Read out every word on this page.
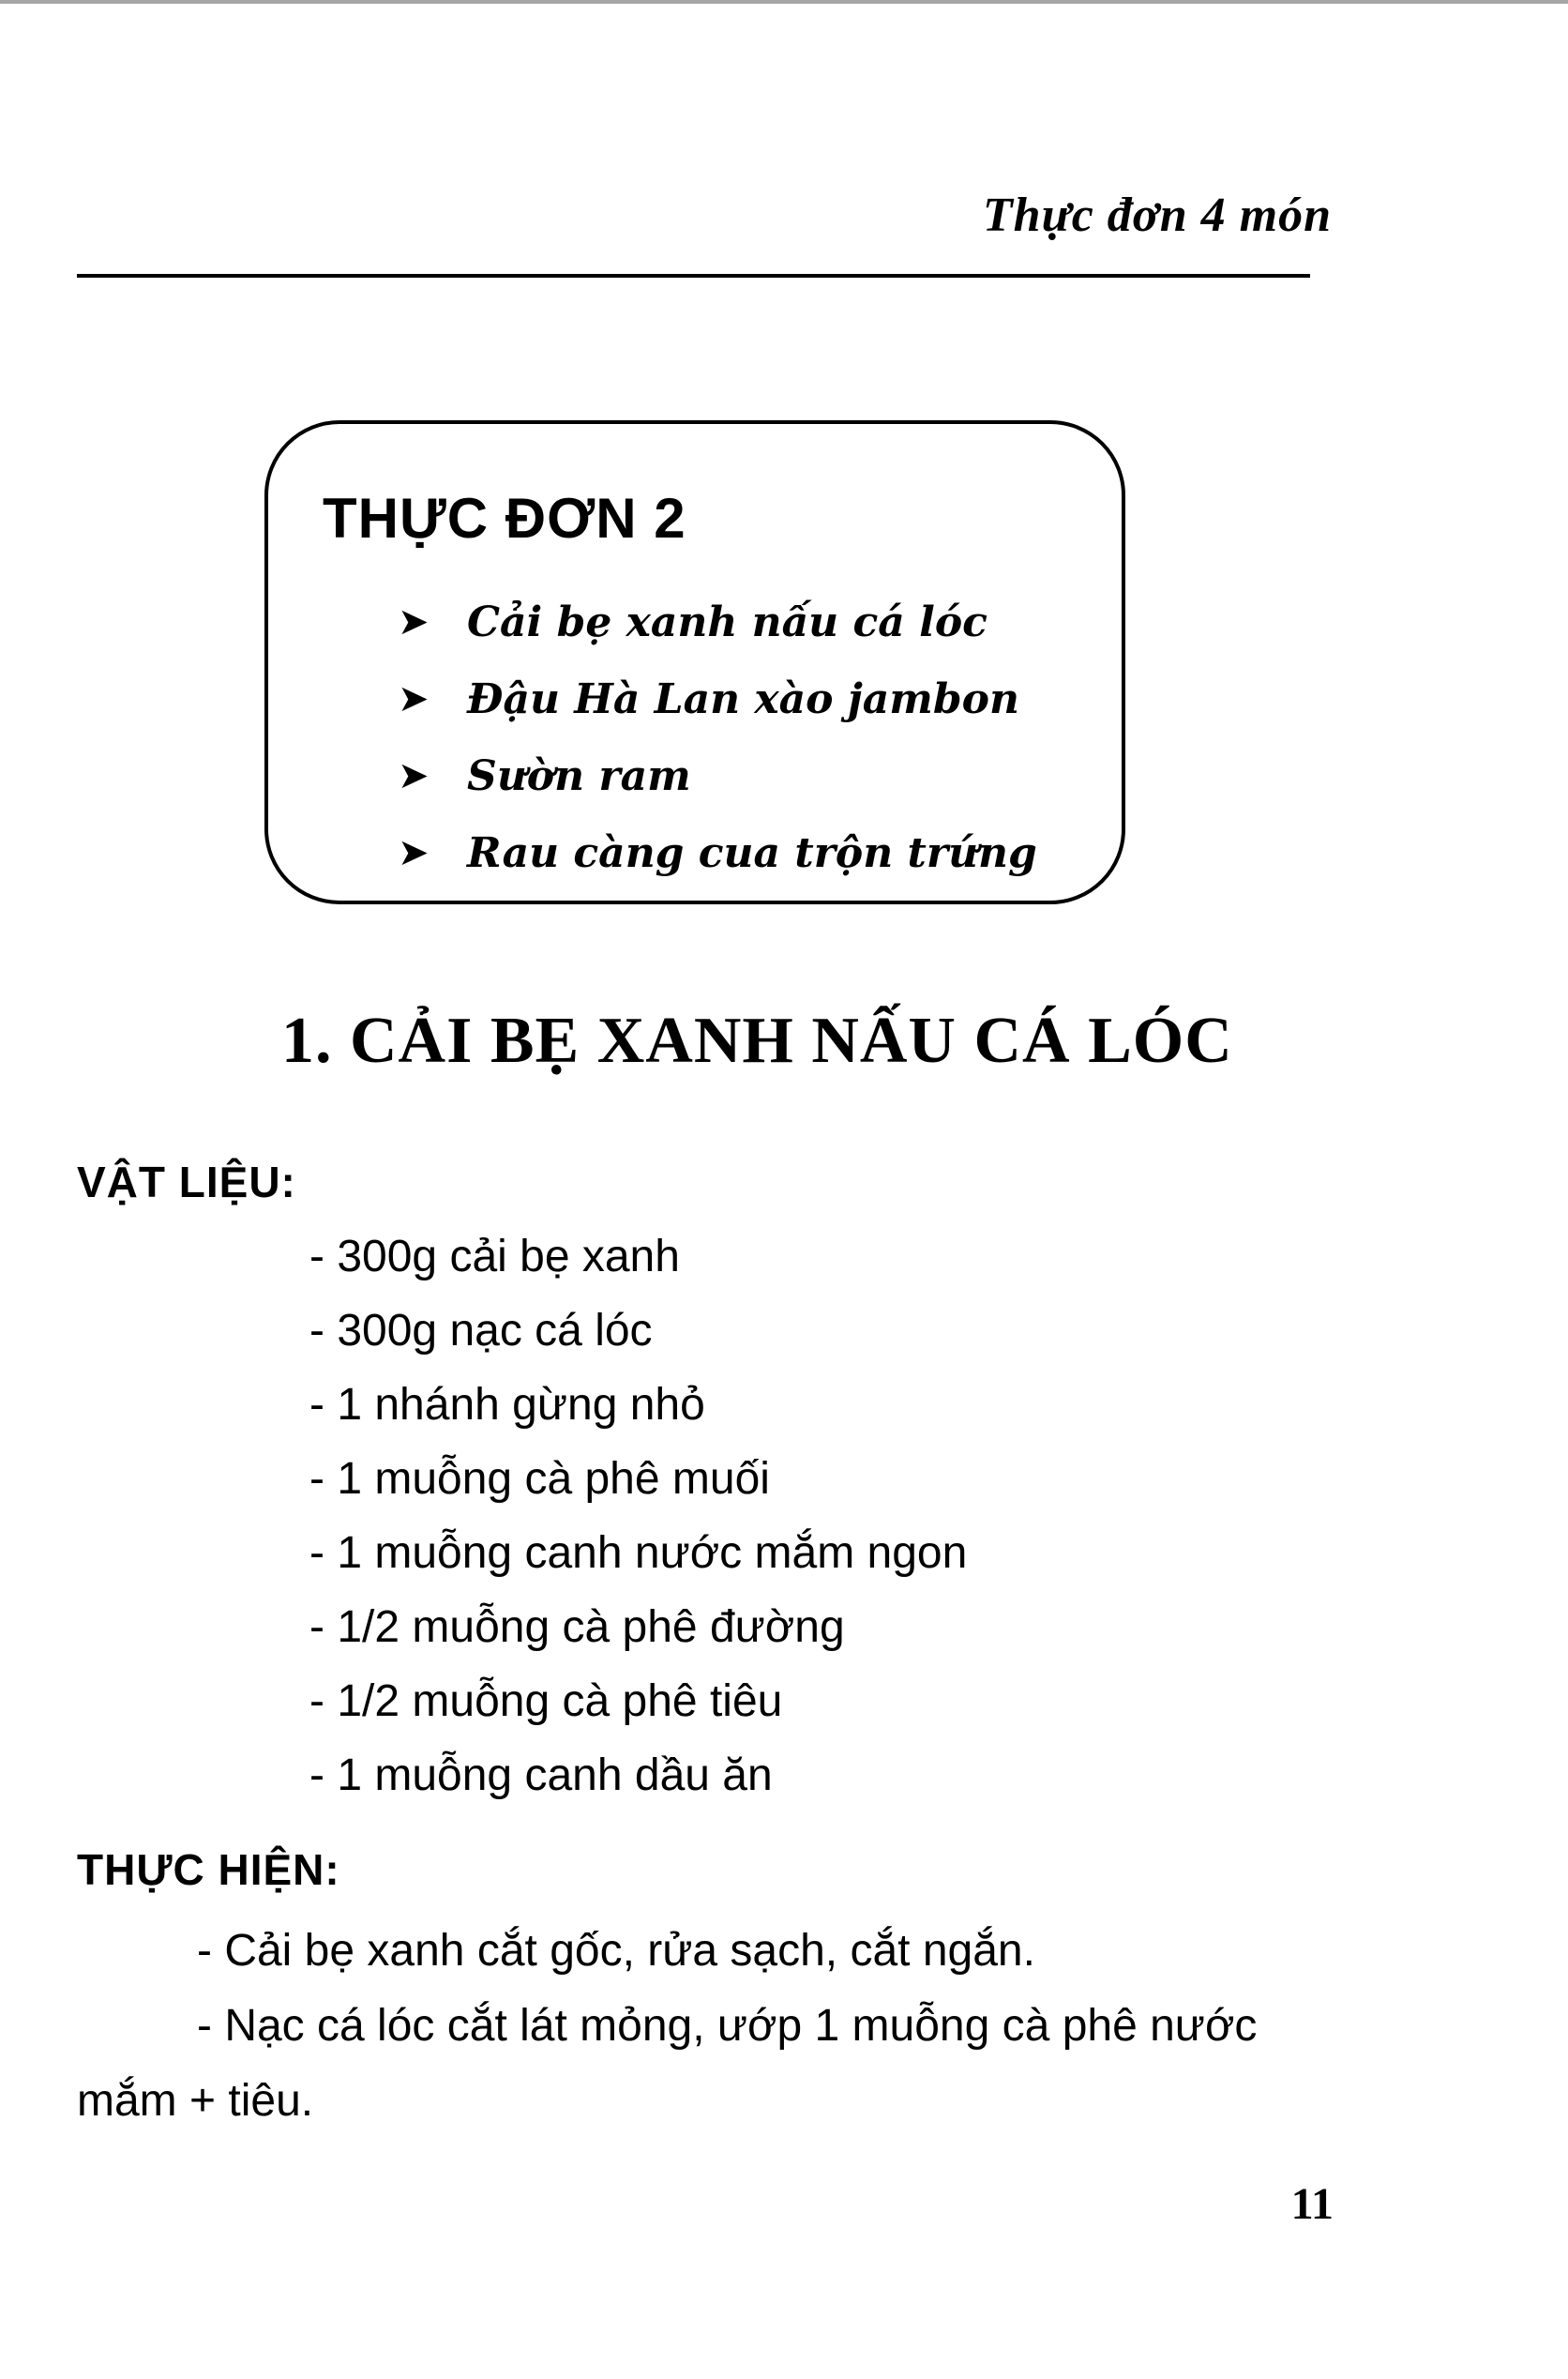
Thực đơn 4 món
THỰC ĐƠN 2
➤ Cải bẹ xanh nấu cá lóc
➤ Đậu Hà Lan xào jambon
➤ Sườn ram
➤ Rau càng cua trộn trứng
1. CẢI BẸ XANH NẤU CÁ LÓC
VẬT LIỆU:
- 300g cải bẹ xanh
- 300g nạc cá lóc
- 1 nhánh gừng nhỏ
- 1 muỗng cà phê muối
- 1 muỗng canh nước mắm ngon
- 1/2 muỗng cà phê đường
- 1/2 muỗng cà phê tiêu
- 1 muỗng canh dầu ăn
THỰC HIỆN:

- Cải bẹ xanh cắt gốc, rửa sạch, cắt ngắn.

- Nạc cá lóc cắt lát mỏng, ướp 1 muỗng cà phê nước mắm + tiêu.

11
